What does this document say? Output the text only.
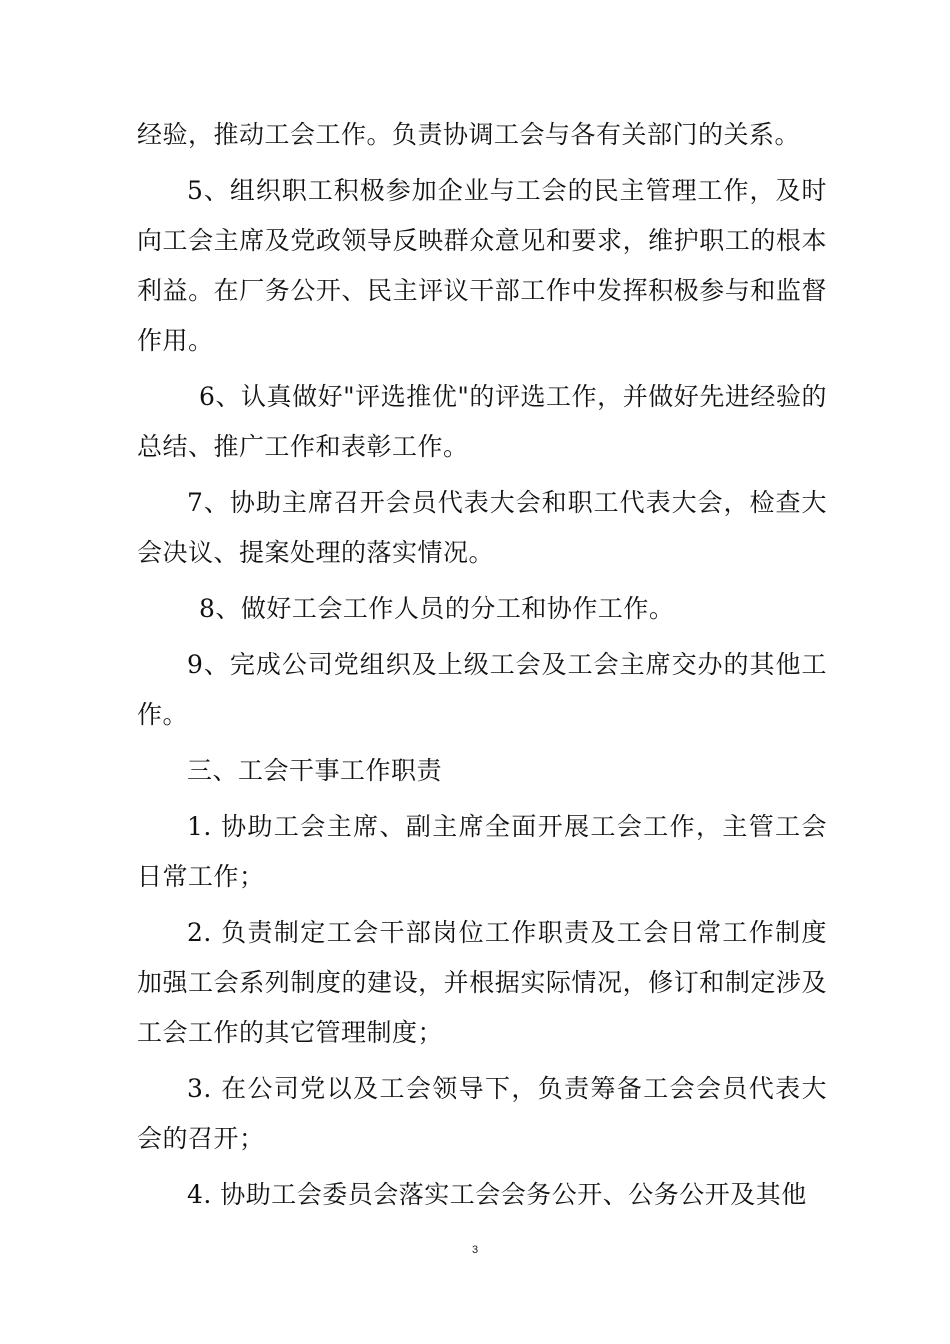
经验，推动工会工作。负责协调工会与各有关部门的关系。

5、组织职工积极参加企业与工会的民主管理工作，及时向工会主席及党政领导反映群众意见和要求，维护职工的根本利益。在厂务公开、民主评议干部工作中发挥积极参与和监督作用。

6、认真做好"评选推优"的评选工作，并做好先进经验的总结、推广工作和表彰工作。

7、协助主席召开会员代表大会和职工代表大会，检查大会决议、提案处理的落实情况。

8、做好工会工作人员的分工和协作工作。

9、完成公司党组织及上级工会及工会主席交办的其他工作。

三、工会干事工作职责

1. 协助工会主席、副主席全面开展工会工作，主管工会日常工作；

2. 负责制定工会干部岗位工作职责及工会日常工作制度加强工会系列制度的建设，并根据实际情况，修订和制定涉及工会工作的其它管理制度；

3. 在公司党以及工会领导下，负责筹备工会会员代表大会的召开；

4. 协助工会委员会落实工会会务公开、公务公开及其他

3
